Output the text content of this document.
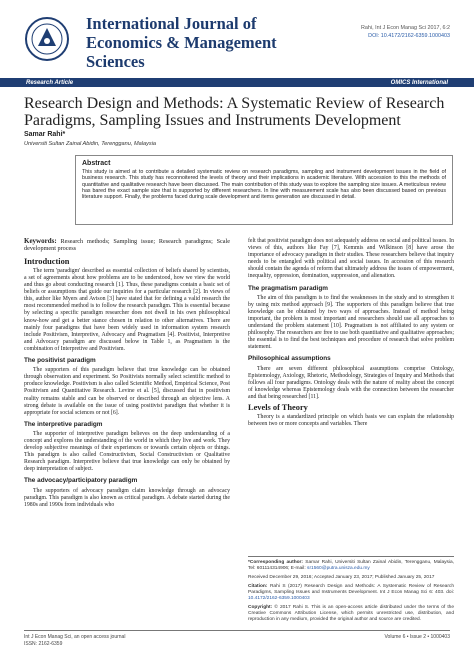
International Journal of Economics & Management Sciences
Rahi, Int J Econ Manag Sci 2017, 6:2
DOI: 10.4172/2162-6359.1000403
Research Article	OMICS International
Research Design and Methods: A Systematic Review of Research Paradigms, Sampling Issues and Instruments Development
Samar Rahi*
Universiti Sultan Zainal Abidin, Terengganu, Malaysia
Abstract

This study is aimed at to contribute a detailed systematic review on research paradigms, sampling and instrument development issues in the field of business research. This study has reconnoitered the levels of theory and their implications in academic literature. With accession to this the methods of quantitative and qualitative research have been discussed. The main contribution of this study was to explore the sampling size issues. A meticulous review has bared the exact sample size that is supported by different researchers. In line with measurement scale has also been discussed based on previous literature support. Finally, the problems faced during scale development and items generation are discussed in detail.

Keywords: Research methods; Sampling issue; Research paradigms; Scale development process
Introduction

The term 'paradigm' described as essential collection of beliefs shared by scientists, a set of agreements about how problems are to be understood, how we view the world and thus go about conducting research [1]. Thus, these paradigms contain a basic set of beliefs or assumptions that guide our inquiries for a particular research [2]. In views of this, author like Myers and Avison [3] have stated that for defining a valid research the most recommended method is to follow the research paradigm. This is essential because by selecting a specific paradigm researcher does not dwell in his own philosophical know-how and get a better stance chosen in relation to other alternatives. There are mainly four paradigms that have been widely used in information system research include Positivism, Interpretive, Advocacy and Pragmatism [4]. Positivist, Interpretive and Advocacy paradigm are discussed below in Table 1, as Pragmatism is the combination of Interpretive and Positivism.

The positivist paradigm

The supporters of this paradigm believe that true knowledge can be obtained through observation and experiment. So Positivists normally select scientific method to produce knowledge. Positivism is also called Scientific Method, Empirical Science, Post Positivism and Quantitative Research. Levine et al. [5], discussed that in positivism reality remains stable and can be observed or described through an objective lens. A strong debate is available on the issue of using positivist paradigm that whether it is appropriate for social sciences or not [6].

The interpretive paradigm

The supporter of interpretive paradigm believes on the deep understanding of a concept and explores the understanding of the world in which they live and work. They develop subjective meanings of their experiences or towards certain objects or things. This paradigm is also called Constructivism, Social Constructivism or Qualitative Research paradigm. Interpretive believe that true knowledge can only be obtained by deep interpretation of subject.

The advocacy/participatory paradigm

The supporters of advocacy paradigm claim knowledge through an advocacy paradigm. This paradigm is also known as critical paradigm. A debate started during the 1980s and 1990s from individuals who

felt that positivist paradigm does not adequately address on social and political issues. In views of this, authors like Fay [7], Kemmis and Wilkinson [8] have arose the importance of advocacy paradigm in their studies. These researchers believe that inquiry needs to be entangled with political and social issues. In accession of this research should contain the agenda of reform that ultimately address the issues of empowerment, inequality, oppression, domination, suppression, and alienation.

The pragmatism paradigm

The aim of this paradigm is to find the weaknesses in the study and to strengthen it by using mix method approach [9]. The supporters of this paradigm believe that true knowledge can be obtained by two ways of approaches. Instead of method being important, the problem is most important and researchers should use all approaches to understand the problem statement [10]. Pragmatism is not affiliated to any system or philosophy. The researchers are free to use both quantitative and qualitative approaches; the essential is to find the best techniques and procedure of research that solve problem statement.

Philosophical assumptions

There are seven different philosophical assumptions comprise Ontology, Epistemology, Axiology, Rhetoric, Methodology, Strategies of Inquiry and Methods that follows all four paradigms. Ontology deals with the nature of reality about the concept of knowledge whereas Epistemology deals with the connection between the researcher and that being researched [11].

Levels of Theory

Theory is a standardized principle on which basis we can explain the relationship between two or more concepts and variables. There

*Corresponding author: Samar Rahi, Universiti Sultan Zainal Abidin, Terengganu, Malaysia, Tel: 601114314906; E-mail: sr1560@putra.unisza.edu.my

Received December 29, 2016; Accepted January 23, 2017; Published January 25, 2017

Citation: Rahi S (2017) Research Design and Methods: A Systematic Review of Research Paradigms, Sampling Issues and Instruments Development. Int J Econ Manag Sci 6: 403. doi: 10.4172/2162-6359.1000403

Copyright: © 2017 Rahi S. This is an open-access article distributed under the terms of the Creative Commons Attribution License, which permits unrestricted use, distribution, and reproduction in any medium, provided the original author and source are credited.

Int J Econ Manag Sci, an open access journal
ISSN: 2162-6359
Volume 6 • Issue 2 • 1000403
